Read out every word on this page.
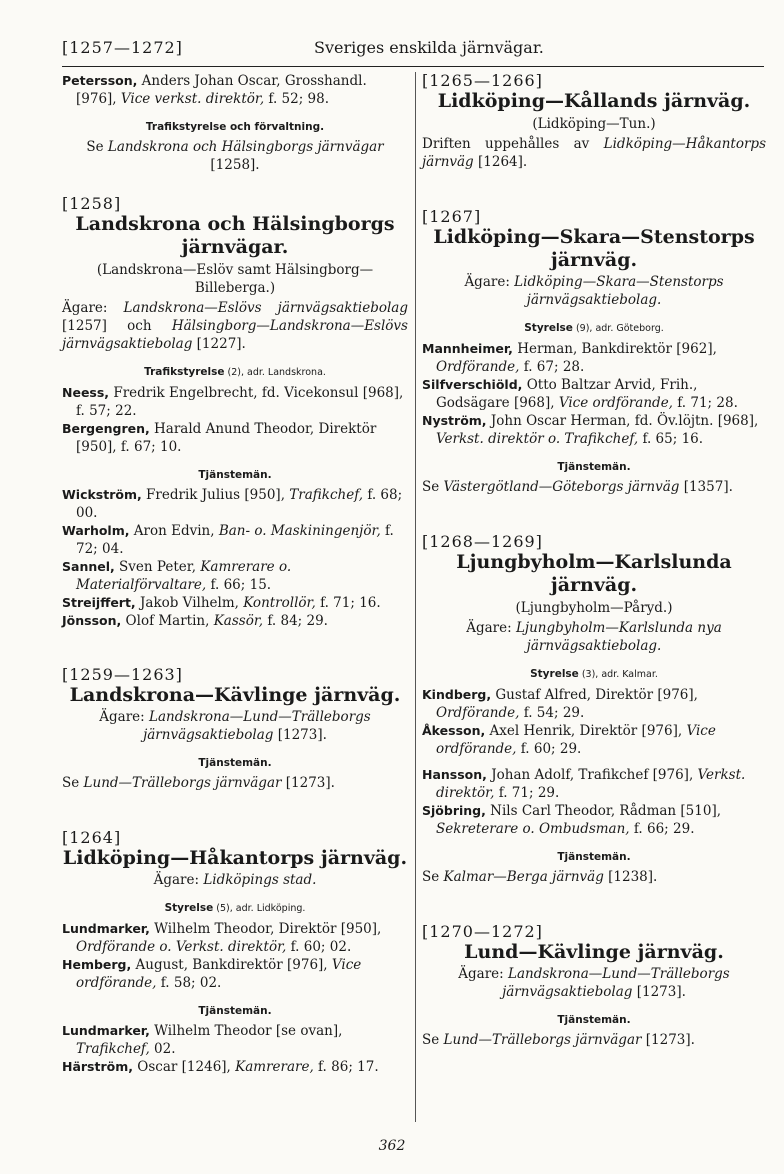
[1257—1272]	Sveriges enskilda järnvägar.

Petersson, Anders Johan Oscar, Grosshandl. [976], Vice verkst. direktör, f. 52; 98.

Trafikstyrelse och förvaltning.

Se Landskrona och Hälsingborgs järnvägar [1258].

[1258]

Landskrona och Hälsingborgs järnvägar.

(Landskrona—Eslöv samt Hälsingborg—Billeberga.)

Ägare: Landskrona—Eslövs järnvägsaktiebolag [1257] och Hälsingborg—Landskrona—Eslövs järnvägsaktiebolag [1227].

Trafikstyrelse (2), adr. Landskrona.

Neess, Fredrik Engelbrecht, fd. Vicekonsul [968], f. 57; 22.

Bergengren, Harald Anund Theodor, Direktör [950], f. 67; 10.

Tjänstemän.

Wickström, Fredrik Julius [950], Trafikchef, f. 68; 00.

Warholm, Aron Edvin, Ban- o. Maskiningenjör, f. 72; 04.

Sannel, Sven Peter, Kamrerare o. Materialförvaltare, f. 66; 15.

Streijffert, Jakob Vilhelm, Kontrollör, f. 71; 16.

Jönsson, Olof Martin, Kassör, f. 84; 29.

[1259—1263]

Landskrona—Kävlinge järnväg.

Ägare: Landskrona—Lund—Trälleborgs järnvägsaktiebolag [1273].

Tjänstemän.

Se Lund—Trälleborgs järnvägar [1273].

[1264]

Lidköping—Håkantorps järnväg.

Ägare: Lidköpings stad.

Styrelse (5), adr. Lidköping.

Lundmarker, Wilhelm Theodor, Direktör [950], Ordförande o. Verkst. direktör, f. 60; 02.

Hemberg, August, Bankdirektör [976], Vice ordförande, f. 58; 02.

Tjänstemän.

Lundmarker, Wilhelm Theodor [se ovan], Trafikchef, 02.

Härström, Oscar [1246], Kamrerare, f. 86; 17.

[1265—1266]

Lidköping—Kållands järnväg.

(Lidköping—Tun.)

Driften uppehålles av Lidköping—Håkantorps järnväg [1264].

[1267]

Lidköping—Skara—Stenstorps järnväg.

Ägare: Lidköping—Skara—Stenstorps järnvägsaktiebolag.

Styrelse (9), adr. Göteborg.

Mannheimer, Herman, Bankdirektör [962], Ordförande, f. 67; 28.

Silfverschiöld, Otto Baltzar Arvid, Frih., Godsägare [968], Vice ordförande, f. 71; 28.

Nyström, John Oscar Herman, fd. Öv.löjtn. [968], Verkst. direktör o. Trafikchef, f. 65; 16.

Tjänstemän.

Se Västergötland—Göteborgs järnväg [1357].

[1268—1269]

Ljungbyholm—Karlslunda järnväg.

(Ljungbyholm—Påryd.)

Ägare: Ljungbyholm—Karlslunda nya järnvägsaktiebolag.

Styrelse (3), adr. Kalmar.

Kindberg, Gustaf Alfred, Direktör [976], Ordförande, f. 54; 29.

Åkesson, Axel Henrik, Direktör [976], Vice ordförande, f. 60; 29.

Hansson, Johan Adolf, Trafikchef [976], Verkst. direktör, f. 71; 29.

Sjöbring, Nils Carl Theodor, Rådman [510], Sekreterare o. Ombudsman, f. 66; 29.

Tjänstemän.

Se Kalmar—Berga järnväg [1238].

[1270—1272]

Lund—Kävlinge järnväg.

Ägare: Landskrona—Lund—Trälleborgs järnvägsaktiebolag [1273].

Tjänstemän.

Se Lund—Trälleborgs järnvägar [1273].

362
